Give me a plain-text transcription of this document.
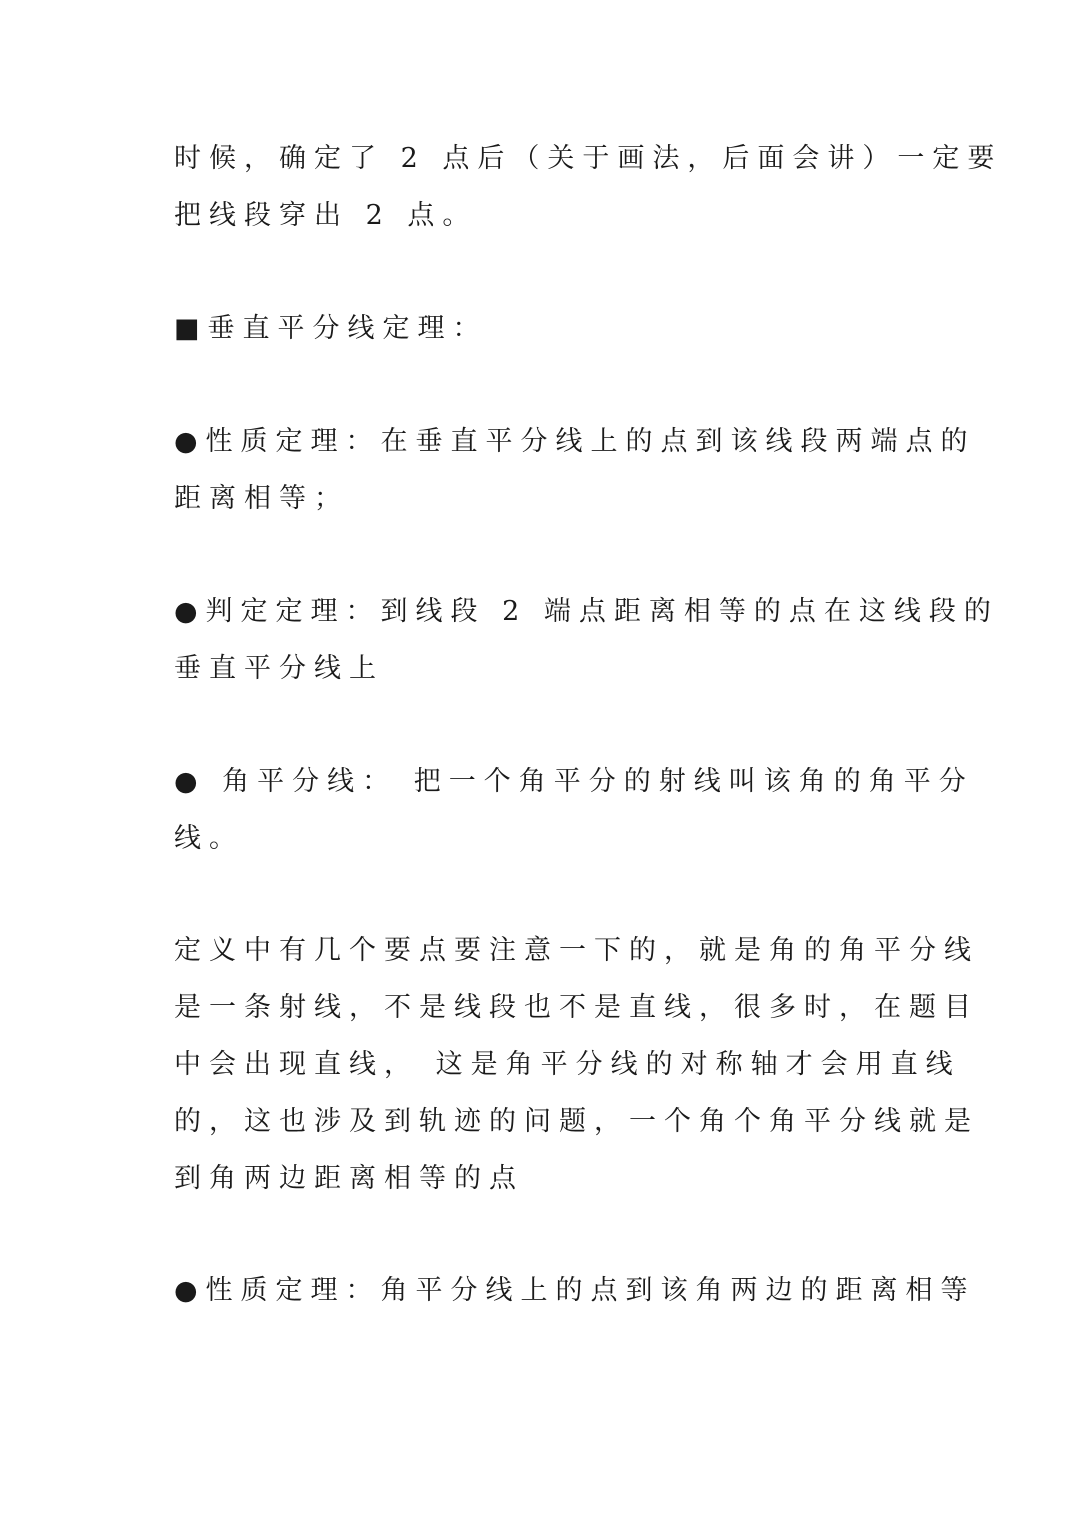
时候，确定了 2 点后（关于画法，后面会讲）一定要
把线段穿出 2 点。

■垂直平分线定理：

●性质定理：在垂直平分线上的点到该线段两端点的
距离相等；

●判定定理：到线段 2 端点距离相等的点在这线段的
垂直平分线上

● 角平分线： 把一个角平分的射线叫该角的角平分
线。

定义中有几个要点要注意一下的，就是角的角平分线
是一条射线，不是线段也不是直线，很多时，在题目
中会出现直线， 这是角平分线的对称轴才会用直线
的，这也涉及到轨迹的问题，一个角个角平分线就是
到角两边距离相等的点

●性质定理：角平分线上的点到该角两边的距离相等
